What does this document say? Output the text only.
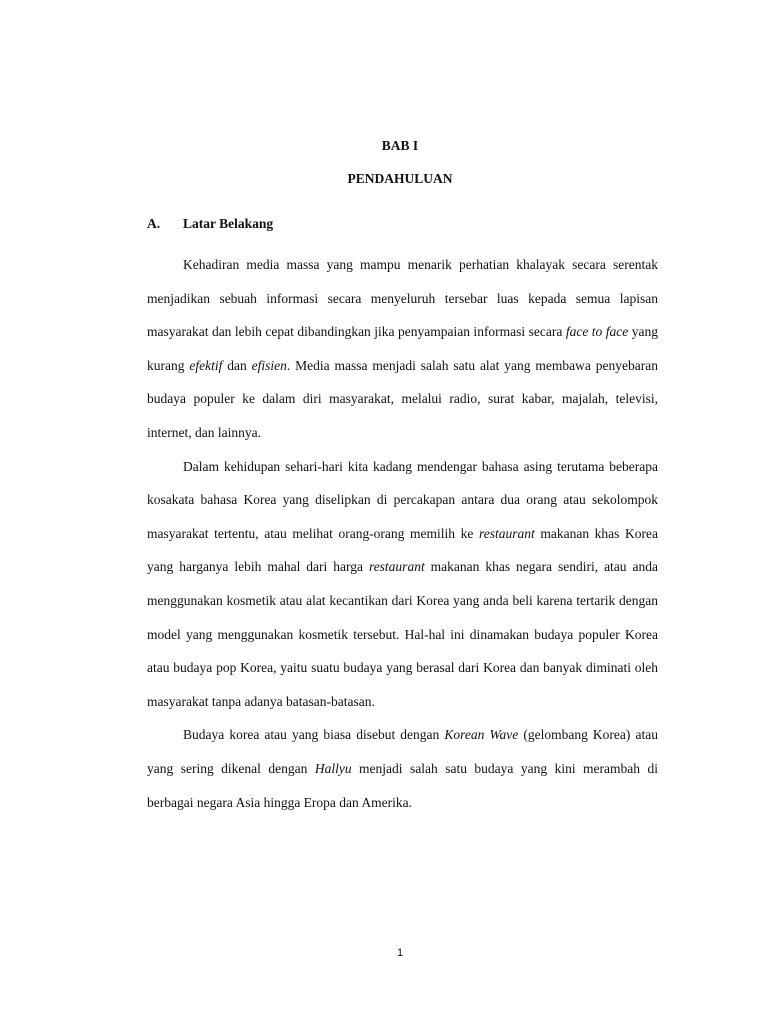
BAB I
PENDAHULUAN
A. Latar Belakang

Kehadiran media massa yang mampu menarik perhatian khalayak secara serentak menjadikan sebuah informasi secara menyeluruh tersebar luas kepada semua lapisan masyarakat dan lebih cepat dibandingkan jika penyampaian informasi secara face to face yang kurang efektif dan efisien. Media massa menjadi salah satu alat yang membawa penyebaran budaya populer ke dalam diri masyarakat, melalui radio, surat kabar, majalah, televisi, internet, dan lainnya.

Dalam kehidupan sehari-hari kita kadang mendengar bahasa asing terutama beberapa kosakata bahasa Korea yang diselipkan di percakapan antara dua orang atau sekolompok masyarakat tertentu, atau melihat orang-orang memilih ke restaurant makanan khas Korea yang harganya lebih mahal dari harga restaurant makanan khas negara sendiri, atau anda menggunakan kosmetik atau alat kecantikan dari Korea yang anda beli karena tertarik dengan model yang menggunakan kosmetik tersebut. Hal-hal ini dinamakan budaya populer Korea atau budaya pop Korea, yaitu suatu budaya yang berasal dari Korea dan banyak diminati oleh masyarakat tanpa adanya batasan-batasan.

Budaya korea atau yang biasa disebut dengan Korean Wave (gelombang Korea) atau yang sering dikenal dengan Hallyu menjadi salah satu budaya yang kini merambah di berbagai negara Asia hingga Eropa dan Amerika.

1
